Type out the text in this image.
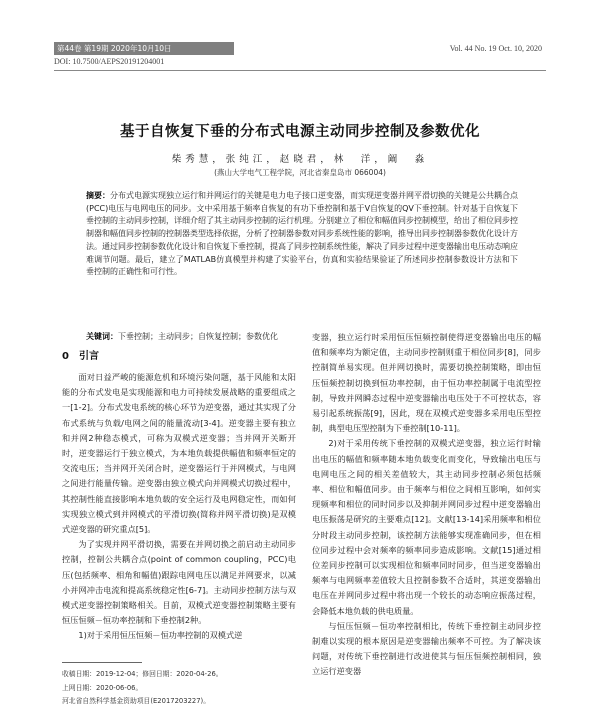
第44卷 第19期 2020年10月10日	Vol. 44 No. 19 Oct. 10, 2020
DOI: 10.7500/AEPS20191204001
基于自恢复下垂的分布式电源主动同步控制及参数优化
柴秀慧，张纯江，赵晓君，林　洋，阚　淼
(燕山大学电气工程学院，河北省秦皇岛市 066004)
摘要：分布式电源实现独立运行和并网运行的关键是电力电子接口逆变器，而实现逆变器并网平滑切换的关键是公共耦合点(PCC)电压与电网电压的同步。文中采用基于频率自恢复的有功下垂控制和基于V自恢复的QV下垂控制。针对基于自恢复下垂控制的主动同步控制，详细介绍了其主动同步控制的运行机理。分别建立了相位和幅值同步控制模型，给出了相位同步控制器和幅值同步控制的控制器类型选择依据，分析了控制器参数对同步系统性能的影响，推导出同步控制器参数优化设计方法。通过同步控制参数优化设计和自恢复下垂控制，提高了同步控制系统性能，解决了同步过程中逆变器输出电压动态响应难调节问题。最后，建立了MATLAB仿真模型并构建了实验平台，仿真和实验结果验证了所述同步控制参数设计方法和下垂控制的正确性和可行性。
关键词：下垂控制；主动同步；自恢复控制；参数优化

0　引言

面对日益严峻的能源危机和环境污染问题，基于风能和太阳能的分布式发电是实现能源和电力可持续发展战略的重要组成之一[1-2]。分布式发电系统的核心环节为逆变器，通过其实现了分布式系统与负载/电网之间的能量流动[3-4]。逆变器主要有独立和并网2种稳态模式，可称为双模式逆变器；当并网开关断开时，逆变器运行于独立模式，为本地负载提供幅值和频率恒定的交流电压；当并网开关闭合时，逆变器运行于并网模式，与电网之间进行能量传输。逆变器由独立模式向并网模式切换过程中，其控制性能直接影响本地负载的安全运行及电网稳定性，而如何实现独立模式到并网模式的平滑切换(简称并网平滑切换)是双模式逆变器的研究重点[5]。

为了实现并网平滑切换，需要在并网切换之前启动主动同步控制，控制公共耦合点(point of common coupling，PCC)电压(包括频率、相角和幅值)跟踪电网电压以满足并网要求，以减小并网冲击电流和提高系统稳定性[6-7]。主动同步控制方法与双模式逆变器控制策略相关。目前，双模式逆变器控制策略主要有恒压恒频－恒功率控制和下垂控制2种。

1)对于采用恒压恒频－恒功率控制的双模式逆

变器，独立运行时采用恒压恒频控制使得逆变器输出电压的幅值和频率均为额定值，主动同步控制则重于相位同步[8]，同步控制简单易实现。但并网切换时，需要切换控制策略，即由恒压恒频控制切换到恒功率控制，由于恒功率控制属于电流型控制，导致并网瞬态过程中逆变器输出电压处于不可控状态，容易引起系统振荡[9]，因此，现在双模式逆变器多采用电压型控制，典型电压型控制为下垂控制[10-11]。

2)对于采用传统下垂控制的双模式逆变器，独立运行时输出电压的幅值和频率随本地负载变化而变化，导致输出电压与电网电压之间的相关差值较大，其主动同步控制必须包括频率、相位和幅值同步。由于频率与相位之间相互影响，如何实现频率和相位的同时同步以及抑制并网同步过程中逆变器输出电压振荡是研究的主要难点[12]。文献[13-14]采用频率和相位分时段主动同步控制，该控制方法能够实现准确同步，但在相位同步过程中会对频率的频率同步造成影响。文献[15]通过相位差同步控制可以实现相位和频率同时同步，但当逆变器输出频率与电网频率差值较大且控制参数不合适时，其逆变器输出电压在并网同步过程中将出现一个较长的动态响应振荡过程，会降低本地负载的供电质量。

与恒压恒频－恒功率控制相比，传统下垂控制主动同步控制难以实现的根本原因是逆变器输出频率不可控。为了解决该问题，对传统下垂控制进行改进使其与恒压恒频控制相同，独立运行逆变器

收稿日期：2019-12-04；修回日期：2020-04-26。
上网日期：2020-06-06。
河北省自然科学基金资助项目(E2017203227)。
